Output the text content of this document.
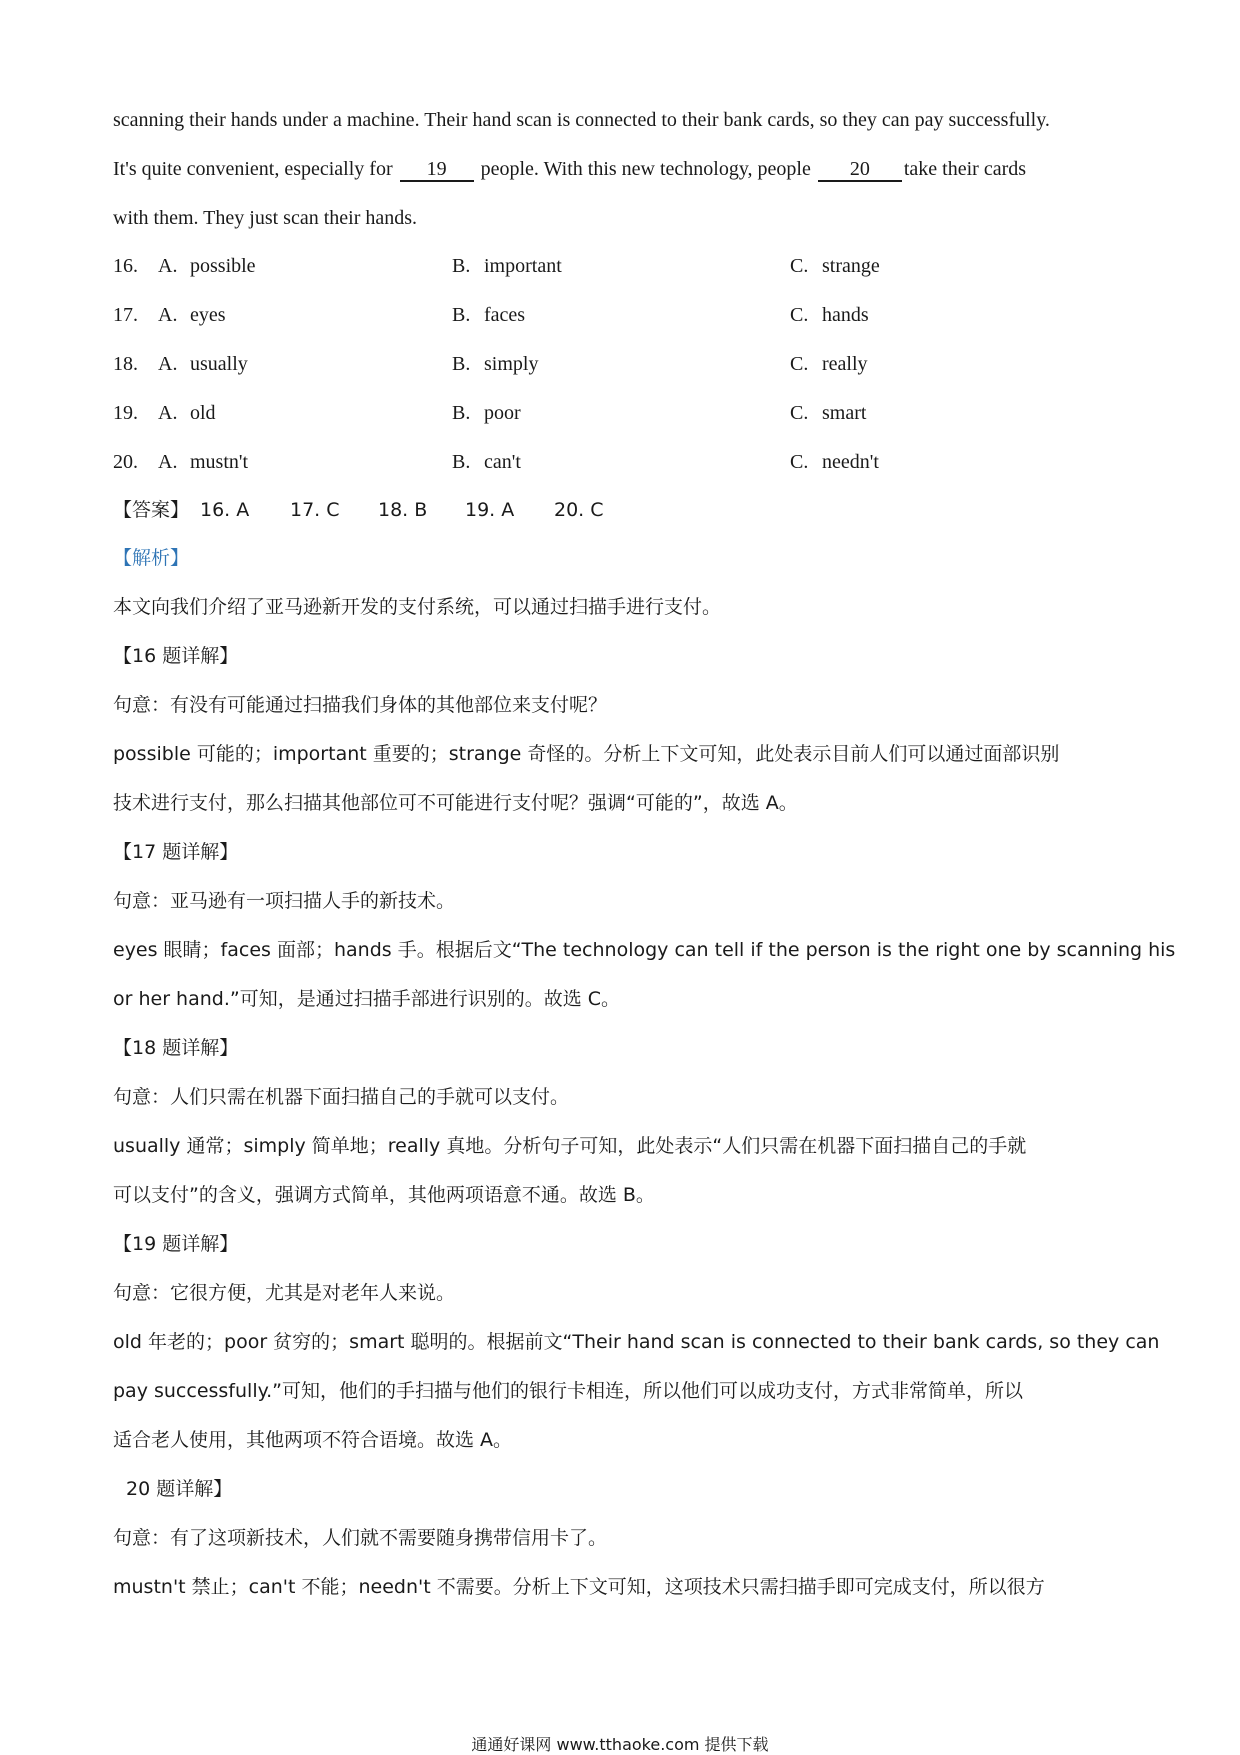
scanning their hands under a machine. Their hand scan is connected to their bank cards, so they can pay successfully.
It's quite convenient, especially for 19 people. With this new technology, people 20 take their cards
with them. They just scan their hands.
16. A. possible	B. important	C. strange
17. A. eyes	B. faces	C. hands
18. A. usually	B. simply	C. really
19. A. old	B. poor	C. smart
20. A. mustn't	B. can't	C. needn't
【答案】 16. A 17. C 18. B 19. A 20. C
【解析】
本文向我们介绍了亚马逊新开发的支付系统，可以通过扫描手进行支付。
【16 题详解】
句意：有没有可能通过扫描我们身体的其他部位来支付呢？
possible 可能的；important 重要的；strange 奇怪的。分析上下文可知，此处表示目前人们可以通过面部识别
技术进行支付，那么扫描其他部位可不可能进行支付呢？强调“可能的”，故选 A。
【17 题详解】
句意：亚马逊有一项扫描人手的新技术。
eyes 眼睛；faces 面部；hands 手。根据后文“The technology can tell if the person is the right one by scanning his
or her hand.”可知，是通过扫描手部进行识别的。故选 C。
【18 题详解】
句意：人们只需在机器下面扫描自己的手就可以支付。
usually 通常；simply 简单地；really 真地。分析句子可知，此处表示“人们只需在机器下面扫描自己的手就
可以支付”的含义，强调方式简单，其他两项语意不通。故选 B。
【19 题详解】
句意：它很方便，尤其是对老年人来说。
old 年老的；poor 贫穷的；smart 聪明的。根据前文“Their hand scan is connected to their bank cards, so they can
pay successfully.”可知，他们的手扫描与他们的银行卡相连，所以他们可以成功支付，方式非常简单，所以
适合老人使用，其他两项不符合语境。故选 A。
20 题详解】
句意：有了这项新技术，人们就不需要随身携带信用卡了。
mustn't 禁止；can't 不能；needn't 不需要。分析上下文可知，这项技术只需扫描手即可完成支付，所以很方
通通好课网 www.tthaoke.com 提供下载
